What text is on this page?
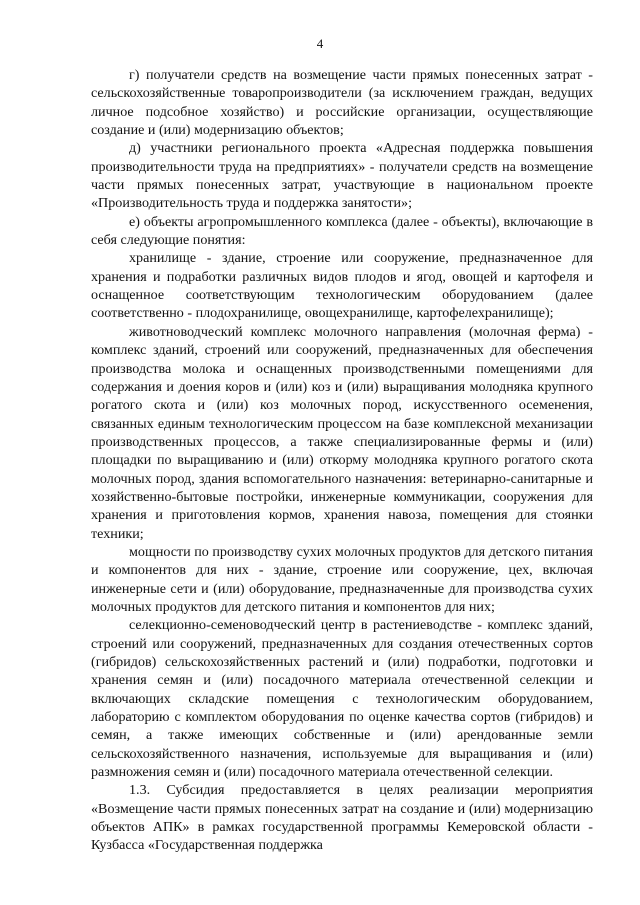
4

г) получатели средств на возмещение части прямых понесенных затрат - сельскохозяйственные товаропроизводители (за исключением граждан, ведущих личное подсобное хозяйство) и российские организации, осуществляющие создание и (или) модернизацию объектов;

д) участники регионального проекта «Адресная поддержка повышения производительности труда на предприятиях» - получатели средств на возмещение части прямых понесенных затрат, участвующие в национальном проекте «Производительность труда и поддержка занятости»;

е) объекты агропромышленного комплекса (далее - объекты), включающие в себя следующие понятия:

хранилище - здание, строение или сооружение, предназначенное для хранения и подработки различных видов плодов и ягод, овощей и картофеля и оснащенное соответствующим технологическим оборудованием (далее соответственно - плодохранилище, овощехранилище, картофелехранилище);

животноводческий комплекс молочного направления (молочная ферма) - комплекс зданий, строений или сооружений, предназначенных для обеспечения производства молока и оснащенных производственными помещениями для содержания и доения коров и (или) коз и (или) выращивания молодняка крупного рогатого скота и (или) коз молочных пород, искусственного осеменения, связанных единым технологическим процессом на базе комплексной механизации производственных процессов, а также специализированные фермы и (или) площадки по выращиванию и (или) откорму молодняка крупного рогатого скота молочных пород, здания вспомогательного назначения: ветеринарно-санитарные и хозяйственно-бытовые постройки, инженерные коммуникации, сооружения для хранения и приготовления кормов, хранения навоза, помещения для стоянки техники;

мощности по производству сухих молочных продуктов для детского питания и компонентов для них - здание, строение или сооружение, цех, включая инженерные сети и (или) оборудование, предназначенные для производства сухих молочных продуктов для детского питания и компонентов для них;

селекционно-семеноводческий центр в растениеводстве - комплекс зданий, строений или сооружений, предназначенных для создания отечественных сортов (гибридов) сельскохозяйственных растений и (или) подработки, подготовки и хранения семян и (или) посадочного материала отечественной селекции и включающих складские помещения с технологическим оборудованием, лабораторию с комплектом оборудования по оценке качества сортов (гибридов) и семян, а также имеющих собственные и (или) арендованные земли сельскохозяйственного назначения, используемые для выращивания и (или) размножения семян и (или) посадочного материала отечественной селекции.

1.3. Субсидия предоставляется в целях реализации мероприятия «Возмещение части прямых понесенных затрат на создание и (или) модернизацию объектов АПК» в рамках государственной программы Кемеровской области - Кузбасса «Государственная поддержка
